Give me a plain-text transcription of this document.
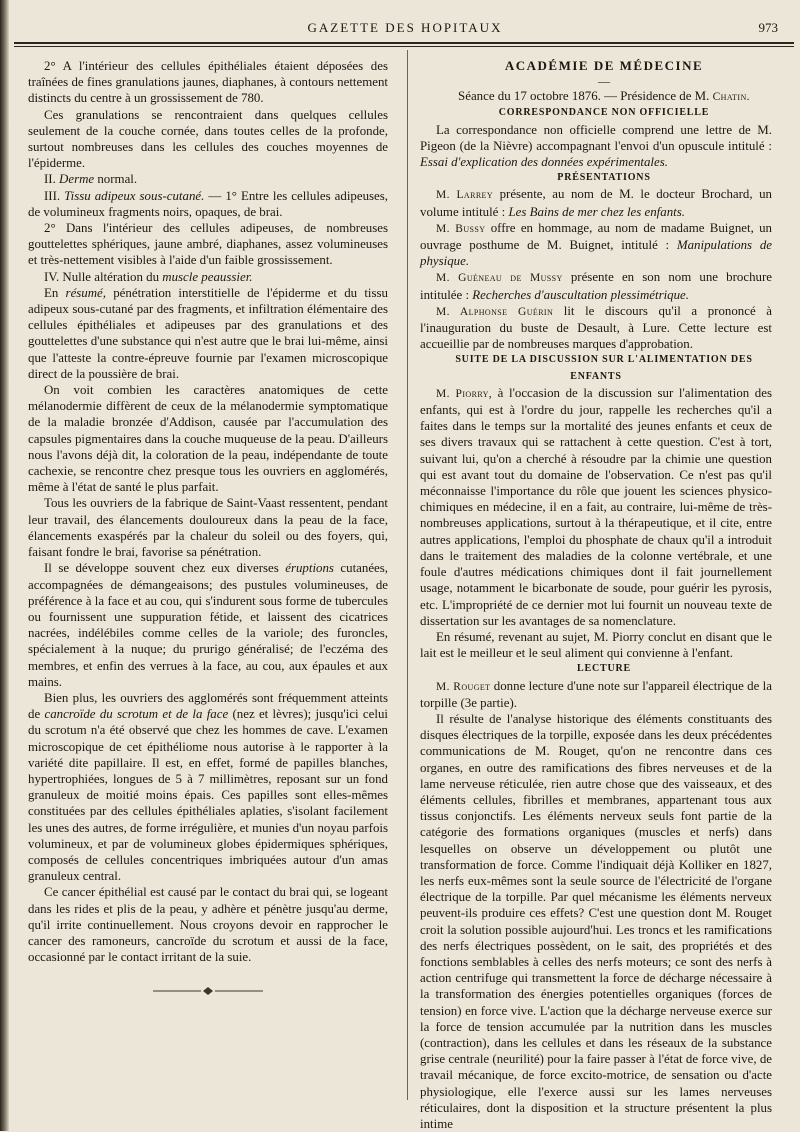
GAZETTE DES HOPITAUX	973

2° A l'intérieur des cellules épithéliales étaient déposées des traînées de fines granulations jaunes, diaphanes, à contours nettement distincts du centre à un grossissement de 780.

Ces granulations se rencontraient dans quelques cellules seulement de la couche cornée, dans toutes celles de la profonde, surtout nombreuses dans les cellules des couches moyennes de l'épiderme.

II. Derme normal.

III. Tissu adipeux sous-cutané. — 1° Entre les cellules adipeuses, de volumineux fragments noirs, opaques, de brai.

2° Dans l'intérieur des cellules adipeuses, de nombreuses gouttelettes sphériques, jaune ambré, diaphanes, assez volumineuses et très-nettement visibles à l'aide d'un faible grossissement.

IV. Nulle altération du muscle peaussier.

En résumé, pénétration interstitielle de l'épiderme et du tissu adipeux sous-cutané par des fragments, et infiltration élémentaire des cellules épithéliales et adipeuses par des granulations et des gouttelettes d'une substance qui n'est autre que le brai lui-même, ainsi que l'atteste la contre-épreuve fournie par l'examen microscopique direct de la poussière de brai.

On voit combien les caractères anatomiques de cette mélanodermie diffèrent de ceux de la mélanodermie symptomatique de la maladie bronzée d'Addison, causée par l'accumulation des capsules pigmentaires dans la couche muqueuse de la peau. D'ailleurs nous l'avons déjà dit, la coloration de la peau, indépendante de toute cachexie, se rencontre chez presque tous les ouvriers en agglomérés, même à l'état de santé le plus parfait.

Tous les ouvriers de la fabrique de Saint-Vaast ressentent, pendant leur travail, des élancements douloureux dans la peau de la face, élancements exaspérés par la chaleur du soleil ou des foyers, qui, faisant fondre le brai, favorise sa pénétration.

Il se développe souvent chez eux diverses éruptions cutanées, accompagnées de démangeaisons; des pustules volumineuses, de préférence à la face et au cou, qui s'indurent sous forme de tubercules ou fournissent une suppuration fétide, et laissent des cicatrices nacrées, indélébiles comme celles de la variole; des furoncles, spécialement à la nuque; du prurigo généralisé; de l'eczéma des membres, et enfin des verrues à la face, au cou, aux épaules et aux mains.

Bien plus, les ouvriers des agglomérés sont fréquemment atteints de cancroïde du scrotum et de la face (nez et lèvres); jusqu'ici celui du scrotum n'a été observé que chez les hommes de cave. L'examen microscopique de cet épithéliome nous autorise à le rapporter à la variété dite papillaire. Il est, en effet, formé de papilles blanches, hypertrophiées, longues de 5 à 7 millimètres, reposant sur un fond granuleux de moitié moins épais. Ces papilles sont elles-mêmes constituées par des cellules épithéliales aplaties, s'isolant facilement les unes des autres, de forme irrégulière, et munies d'un noyau parfois volumineux, et par de volumineux globes épidermiques sphériques, composés de cellules concentriques imbriquées autour d'un amas granuleux central.

Ce cancer épithélial est causé par le contact du brai qui, se logeant dans les rides et plis de la peau, y adhère et pénètre jusqu'au derme, qu'il irrite continuellement. Nous croyons devoir en rapprocher le cancer des ramoneurs, cancroïde du scrotum et aussi de la face, occasionné par le contact irritant de la suie.

ACADÉMIE DE MÉDECINE

—

Séance du 17 octobre 1876. — Présidence de M. Chatin.

CORRESPONDANCE NON OFFICIELLE

La correspondance non officielle comprend une lettre de M. Pigeon (de la Nièvre) accompagnant l'envoi d'un opuscule intitulé : Essai d'explication des données expérimentales.

PRÉSENTATIONS

M. Larrey présente, au nom de M. le docteur Brochard, un volume intitulé : Les Bains de mer chez les enfants.

M. Bussy offre en hommage, au nom de madame Buignet, un ouvrage posthume de M. Buignet, intitulé : Manipulations de physique.

M. Guéneau de Mussy présente en son nom une brochure intitulée : Recherches d'auscultation plessimétrique.

M. Alphonse Guérin lit le discours qu'il a prononcé à l'inauguration du buste de Desault, à Lure. Cette lecture est accueillie par de nombreuses marques d'approbation.

SUITE DE LA DISCUSSION SUR L'ALIMENTATION DES ENFANTS

M. Piorry, à l'occasion de la discussion sur l'alimentation des enfants, qui est à l'ordre du jour, rappelle les recherches qu'il a faites dans le temps sur la mortalité des jeunes enfants et ceux de ses divers travaux qui se rattachent à cette question. C'est à tort, suivant lui, qu'on a cherché à résoudre par la chimie une question qui est avant tout du domaine de l'observation. Ce n'est pas qu'il méconnaisse l'importance du rôle que jouent les sciences physico-chimiques en médecine, il en a fait, au contraire, lui-même de très-nombreuses applications, surtout à la thérapeutique, et il cite, entre autres applications, l'emploi du phosphate de chaux qu'il a introduit dans le traitement des maladies de la colonne vertébrale, et une foule d'autres médications chimiques dont il fait journellement usage, notamment le bicarbonate de soude, pour guérir les pyrosis, etc. L'impropriété de ce dernier mot lui fournit un nouveau texte de dissertation sur les avantages de sa nomenclature.

En résumé, revenant au sujet, M. Piorry conclut en disant que le lait est le meilleur et le seul aliment qui convienne à l'enfant.

LECTURE

M. Rouget donne lecture d'une note sur l'appareil électrique de la torpille (3e partie).

Il résulte de l'analyse historique des éléments constituants des disques électriques de la torpille, exposée dans les deux précédentes communications de M. Rouget, qu'on ne rencontre dans ces organes, en outre des ramifications des fibres nerveuses et de la lame nerveuse réticulée, rien autre chose que des vaisseaux, et des éléments cellules, fibrilles et membranes, appartenant tous aux tissus conjonctifs. Les éléments nerveux seuls font partie de la catégorie des formations organiques (muscles et nerfs) dans lesquelles on observe un développement ou plutôt une transformation de force. Comme l'indiquait déjà Kolliker en 1827, les nerfs eux-mêmes sont la seule source de l'électricité de l'organe électrique de la torpille. Par quel mécanisme les éléments nerveux peuvent-ils produire ces effets? C'est une question dont M. Rouget croit la solution possible aujourd'hui. Les troncs et les ramifications des nerfs électriques possèdent, on le sait, des propriétés et des fonctions semblables à celles des nerfs moteurs; ce sont des nerfs à action centrifuge qui transmettent la force de décharge nécessaire à la transformation des énergies potentielles organiques (forces de tension) en force vive. L'action que la décharge nerveuse exerce sur la force de tension accumulée par la nutrition dans les muscles (contraction), dans les cellules et dans les réseaux de la substance grise centrale (neurilité) pour la faire passer à l'état de force vive, de travail mécanique, de force excito-motrice, de sensation ou d'acte physiologique, elle l'exerce aussi sur les lames nerveuses réticulaires, dont la disposition et la structure présentent la plus intime
